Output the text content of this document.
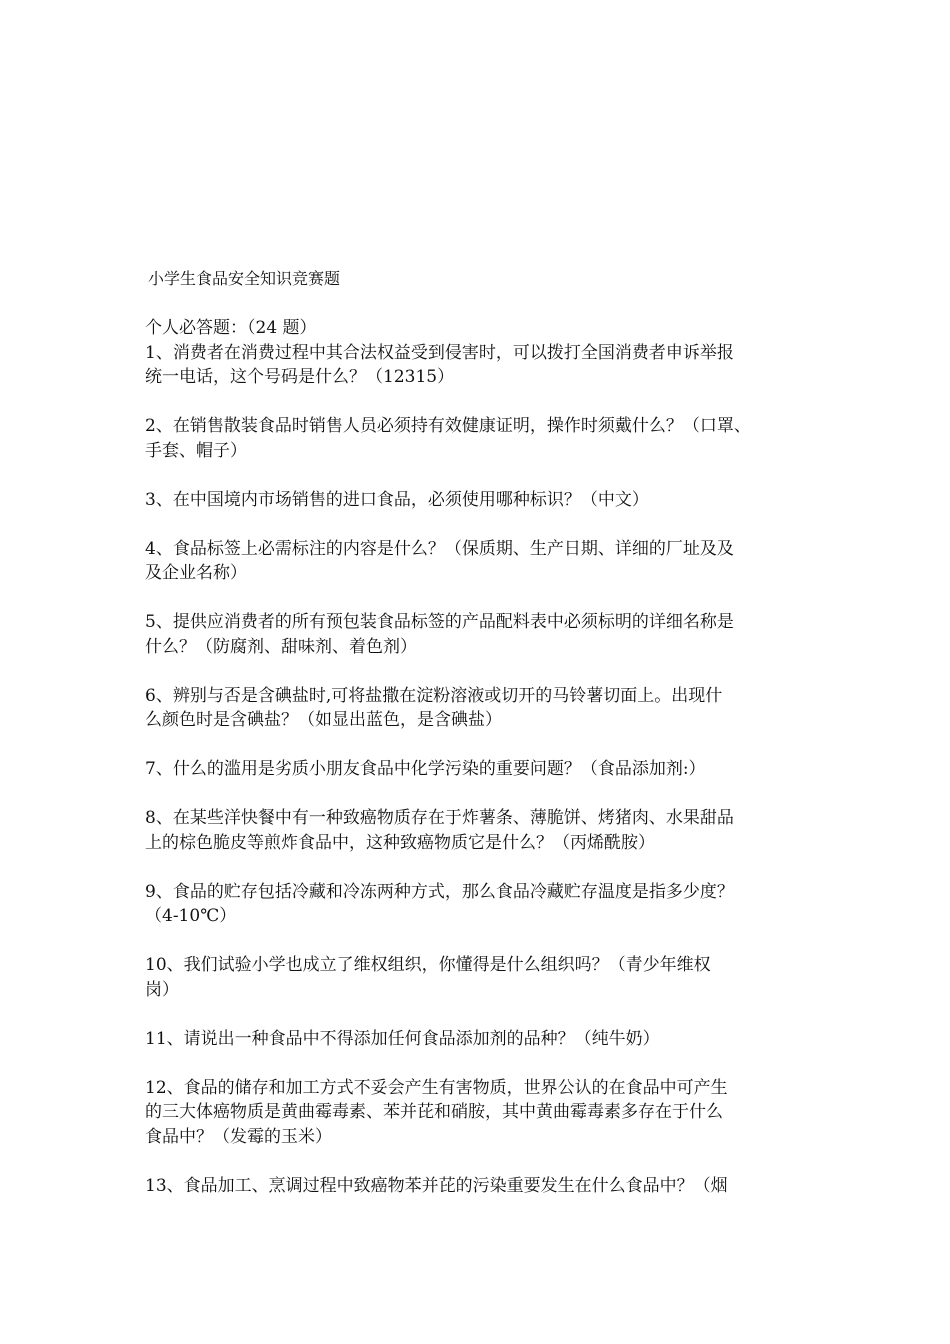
小学生食品安全知识竞赛题
个人必答题：（24 题）
1、消费者在消费过程中其合法权益受到侵害时，可以拨打全国消费者申诉举报
统一电话，这个号码是什么？（12315）
2、在销售散装食品时销售人员必须持有效健康证明，操作时须戴什么？（口罩、
手套、帽子）
3、在中国境内市场销售的进口食品，必须使用哪种标识？（中文）
4、食品标签上必需标注的内容是什么？（保质期、生产日期、详细的厂址及及
及企业名称）
5、提供应消费者的所有预包装食品标签的产品配料表中必须标明的详细名称是
什么？（防腐剂、甜味剂、着色剂）
6、辨别与否是含碘盐时,可将盐撒在淀粉溶液或切开的马铃薯切面上。出现什
么颜色时是含碘盐？（如显出蓝色，是含碘盐）
7、什么的滥用是劣质小朋友食品中化学污染的重要问题？（食品添加剂:）
8、在某些洋快餐中有一种致癌物质存在于炸薯条、薄脆饼、烤猪肉、水果甜品
上的棕色脆皮等煎炸食品中，这种致癌物质它是什么？（丙烯酰胺）
9、食品的贮存包括冷藏和冷冻两种方式，那么食品冷藏贮存温度是指多少度？
（4-10℃）
10、我们试验小学也成立了维权组织，你懂得是什么组织吗？（青少年维权
岗）
11、请说出一种食品中不得添加任何食品添加剂的品种？（纯牛奶）
12、食品的储存和加工方式不妥会产生有害物质，世界公认的在食品中可产生
的三大体癌物质是黄曲霉毒素、苯并芘和硝胺，其中黄曲霉毒素多存在于什么
食品中？（发霉的玉米）
13、食品加工、烹调过程中致癌物苯并芘的污染重要发生在什么食品中？（烟
